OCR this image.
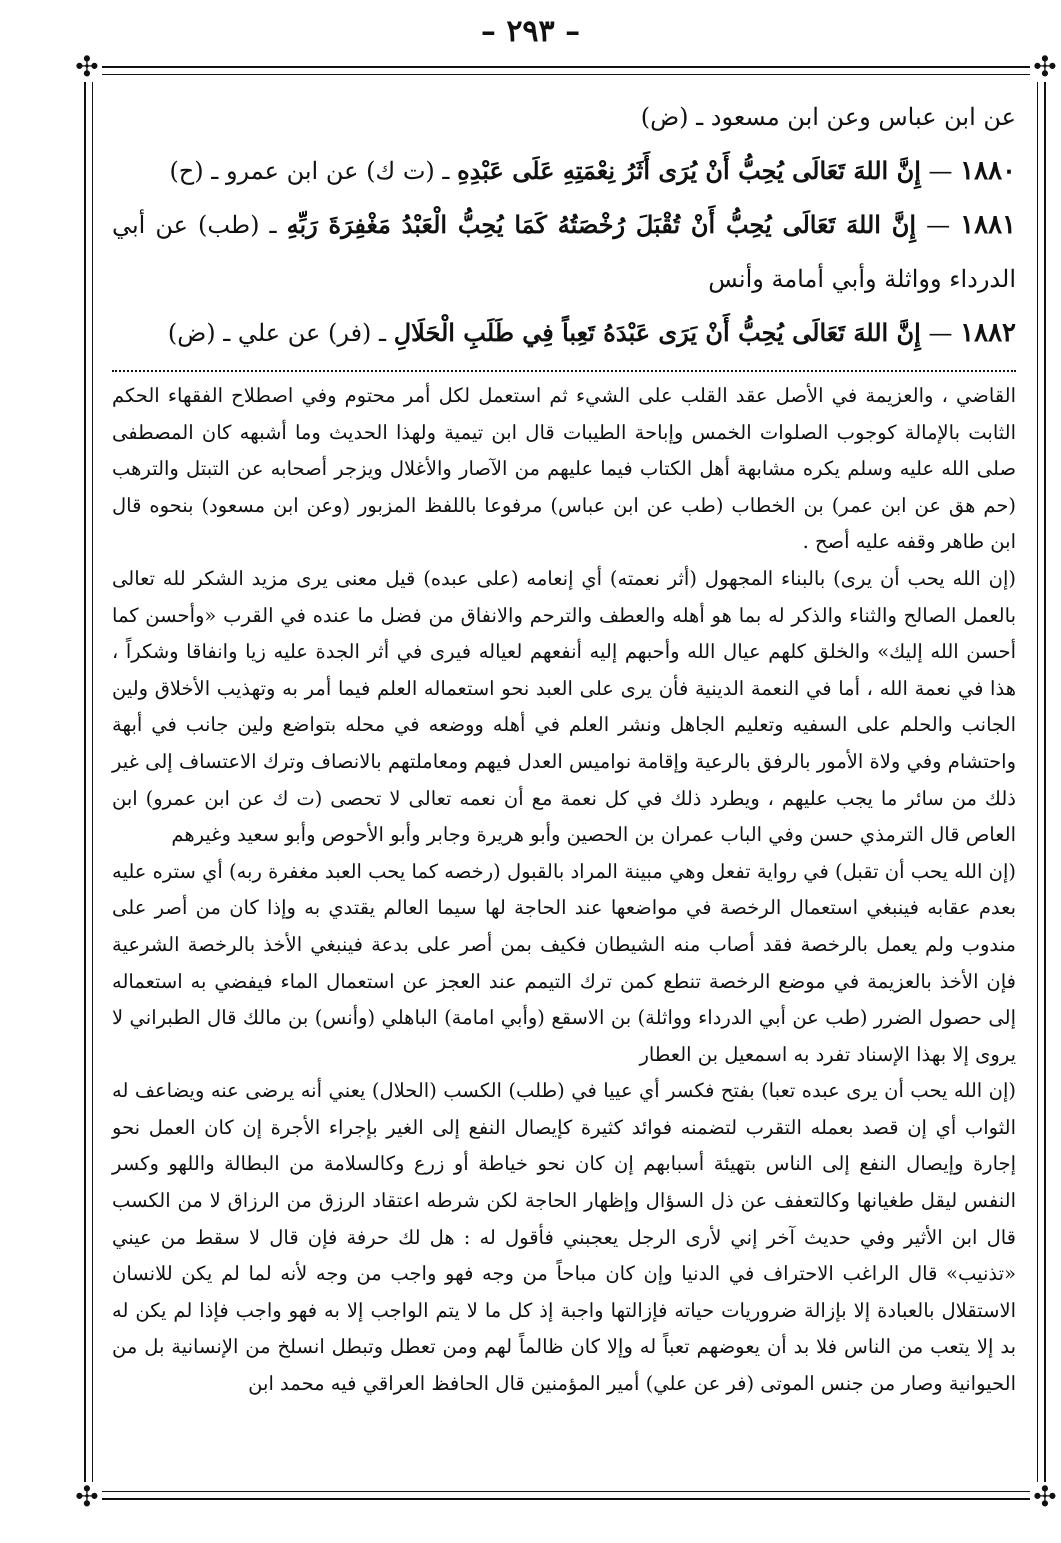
– ۲۹۳ –
✣	✣
✣	✣

عن ابن عباس وعن ابن مسعود ـ (ض)

١٨٨٠ — إِنَّ اللهَ تَعَالَى يُحِبُّ أَنْ يُرَى أَثَرُ نِعْمَتِهِ عَلَى عَبْدِهِ ـ (ت ك) عن ابن عمرو ـ (ح)

١٨٨١ — إِنَّ اللهَ تَعَالَى يُحِبُّ أَنْ تُقْبَلَ رُخْصَتُهُ كَمَا يُحِبُّ الْعَبْدُ مَغْفِرَةَ رَبِّهِ ـ (طب) عن أبي الدرداء وواثلة وأبي أمامة وأنس

١٨٨٢ — إِنَّ اللهَ تَعَالَى يُحِبُّ أَنْ يَرَى عَبْدَهُ تَعِباً فِي طَلَبِ الْحَلَالِ ـ (فر) عن علي ـ (ض)

القاضي ، والعزيمة في الأصل عقد القلب على الشيء ثم استعمل لكل أمر محتوم وفي اصطلاح الفقهاء الحكم الثابت بالإمالة كوجوب الصلوات الخمس وإباحة الطيبات قال ابن تيمية ولهذا الحديث وما أشبهه كان المصطفى صلى الله عليه وسلم يكره مشابهة أهل الكتاب فيما عليهم من الآصار والأغلال ويزجر أصحابه عن التبتل والترهب (حم هق عن ابن عمر) بن الخطاب (طب عن ابن عباس) مرفوعا باللفظ المزبور (وعن ابن مسعود) بنحوه قال ابن طاهر وقفه عليه أصح .

(إن الله يحب أن يرى) بالبناء المجهول (أثر نعمته) أي إنعامه (على عبده) قيل معنى يرى مزيد الشكر لله تعالى بالعمل الصالح والثناء والذكر له بما هو أهله والعطف والترحم والانفاق من فضل ما عنده في القرب «وأحسن كما أحسن الله إليك» والخلق كلهم عيال الله وأحبهم إليه أنفعهم لعياله فيرى في أثر الجدة عليه زيا وانفاقا وشكراً ، هذا في نعمة الله ، أما في النعمة الدينية فأن يرى على العبد نحو استعماله العلم فيما أمر به وتهذيب الأخلاق ولين الجانب والحلم على السفيه وتعليم الجاهل ونشر العلم في أهله ووضعه في محله بتواضع ولين جانب في أبهة واحتشام وفي ولاة الأمور بالرفق بالرعية وإقامة نواميس العدل فيهم ومعاملتهم بالانصاف وترك الاعتساف إلى غير ذلك من سائر ما يجب عليهم ، ويطرد ذلك في كل نعمة مع أن نعمه تعالى لا تحصى (ت ك عن ابن عمرو) ابن العاص قال الترمذي حسن وفي الباب عمران بن الحصين وأبو هريرة وجابر وأبو الأحوص وأبو سعيد وغيرهم

(إن الله يحب أن تقبل) في رواية تفعل وهي مبينة المراد بالقبول (رخصه كما يحب العبد مغفرة ربه) أي ستره عليه بعدم عقابه فينبغي استعمال الرخصة في مواضعها عند الحاجة لها سيما العالم يقتدي به وإذا كان من أصر على مندوب ولم يعمل بالرخصة فقد أصاب منه الشيطان فكيف بمن أصر على بدعة فينبغي الأخذ بالرخصة الشرعية فإن الأخذ بالعزيمة في موضع الرخصة تنطع كمن ترك التيمم عند العجز عن استعمال الماء فيفضي به استعماله إلى حصول الضرر (طب عن أبي الدرداء وواثلة) بن الاسقع (وأبي امامة) الباهلي (وأنس) بن مالك قال الطبراني لا يروى إلا بهذا الإسناد تفرد به اسمعيل بن العطار

(إن الله يحب أن يرى عبده تعبا) بفتح فكسر أي عييا في (طلب) الكسب (الحلال) يعني أنه يرضى عنه ويضاعف له الثواب أي إن قصد بعمله التقرب لتضمنه فوائد كثيرة كإيصال النفع إلى الغير بإجراء الأجرة إن كان العمل نحو إجارة وإيصال النفع إلى الناس بتهيئة أسبابهم إن كان نحو خياطة أو زرع وكالسلامة من البطالة واللهو وكسر النفس ليقل طغيانها وكالتعفف عن ذل السؤال وإظهار الحاجة لكن شرطه اعتقاد الرزق من الرزاق لا من الكسب قال ابن الأثير وفي حديث آخر إني لأرى الرجل يعجبني فأقول له : هل لك حرفة فإن قال لا سقط من عيني «تذنيب» قال الراغب الاحتراف في الدنيا وإن كان مباحاً من وجه فهو واجب من وجه لأنه لما لم يكن للانسان الاستقلال بالعبادة إلا بإزالة ضروريات حياته فإزالتها واجبة إذ كل ما لا يتم الواجب إلا به فهو واجب فإذا لم يكن له بد إلا يتعب من الناس فلا بد أن يعوضهم تعباً له وإلا كان ظالماً لهم ومن تعطل وتبطل انسلخ من الإنسانية بل من الحيوانية وصار من جنس الموتى (فر عن علي) أمير المؤمنين قال الحافظ العراقي فيه محمد ابن
